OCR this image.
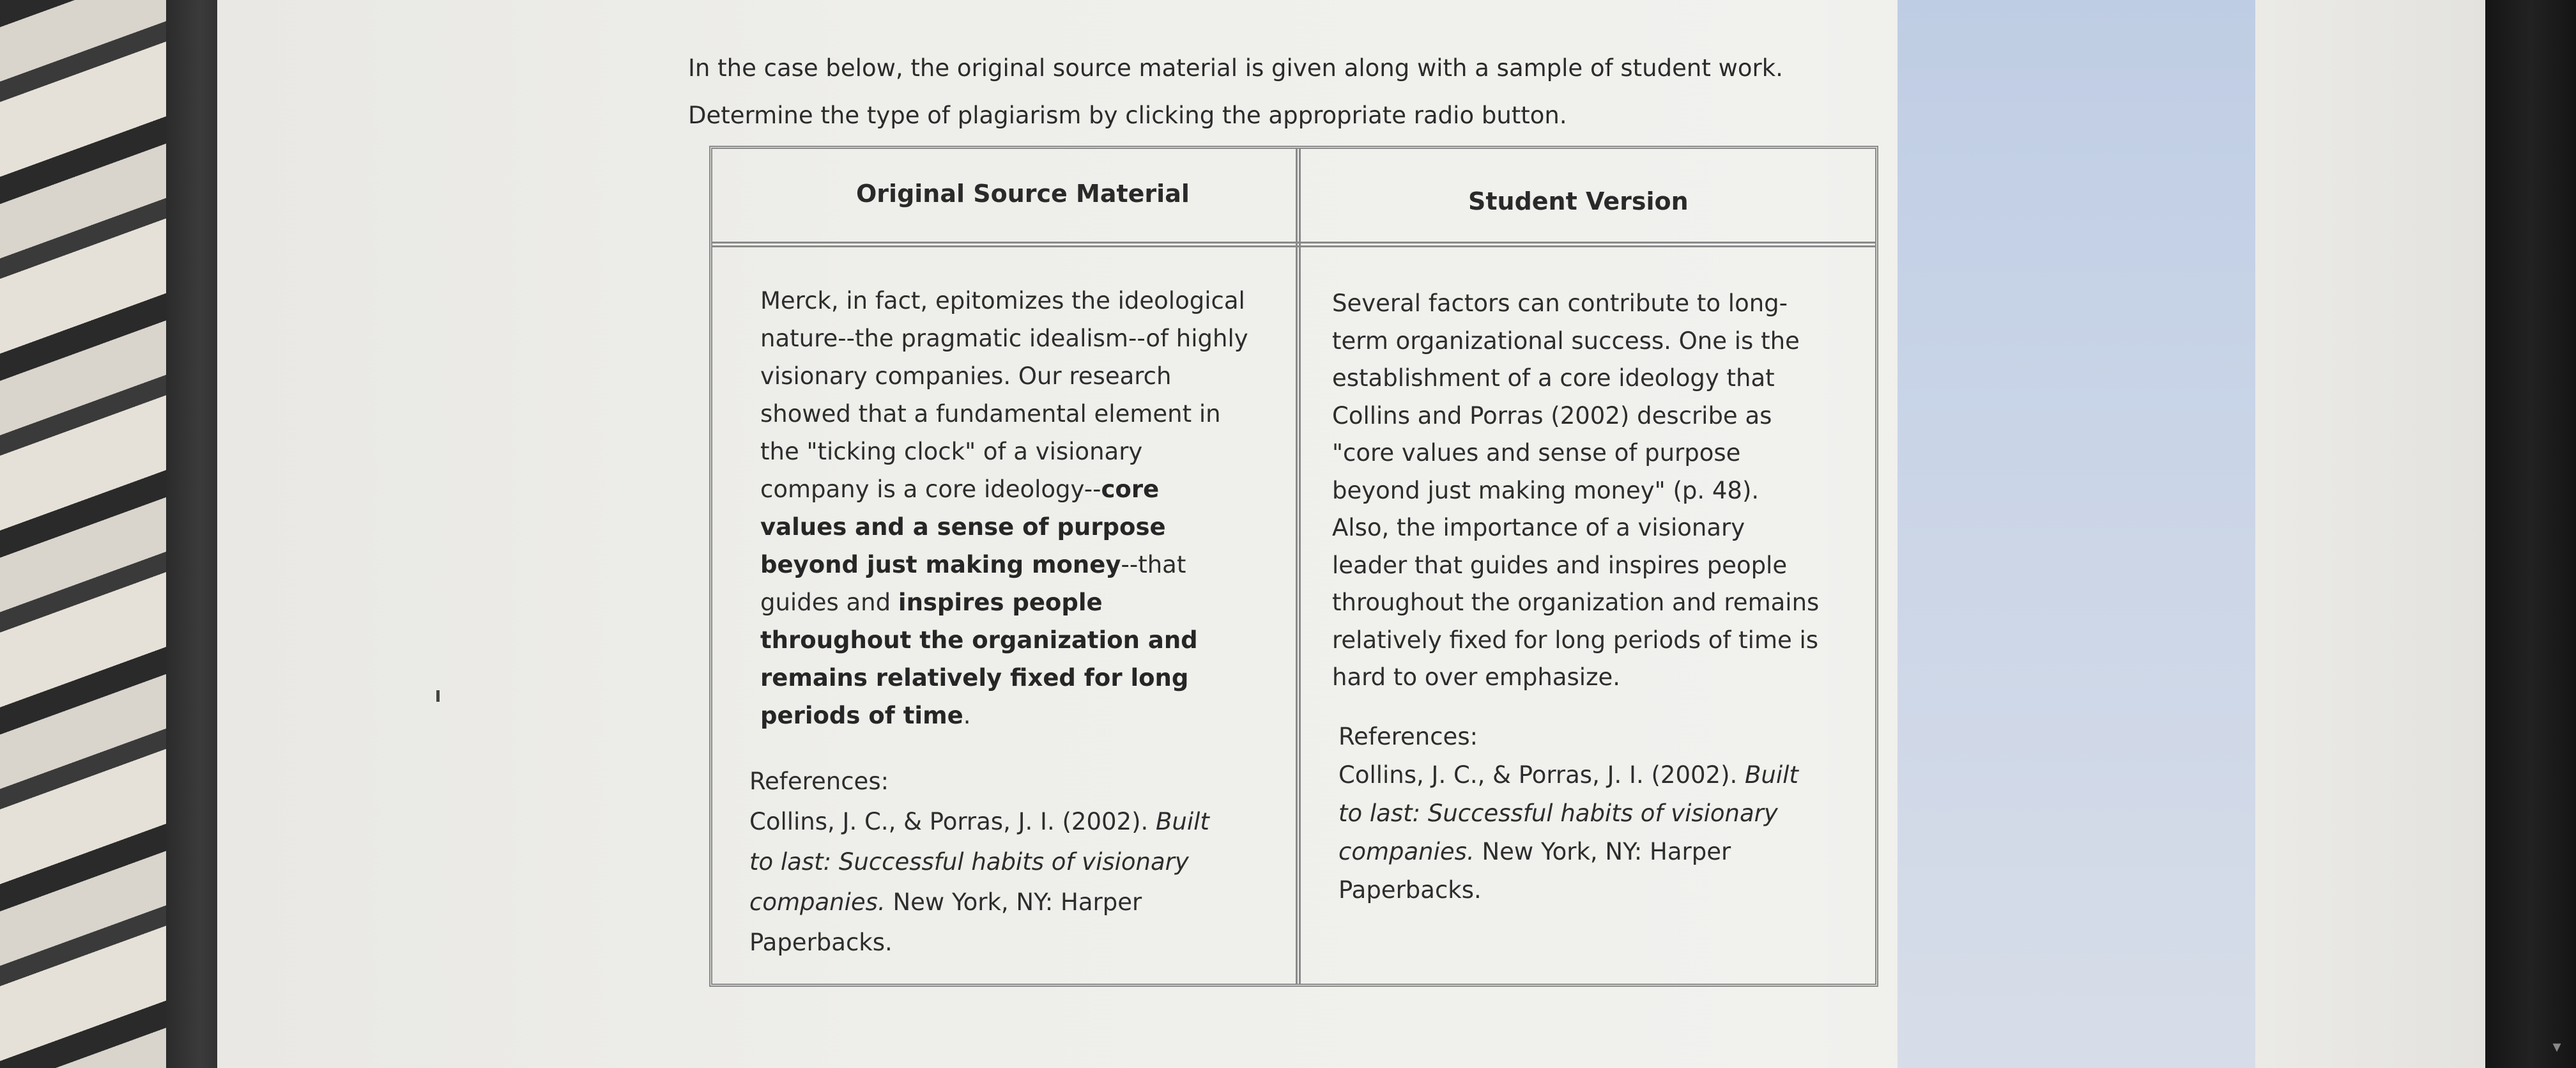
▾
In the case below, the original source material is given along with a sample of student work.
Determine the type of plagiarism by clicking the appropriate radio button.
Original Source Material	Student Version
Merck, in fact, epitomizes the ideological
nature--the pragmatic idealism--of highly
visionary companies. Our research
showed that a fundamental element in
the "ticking clock" of a visionary
company is a core ideology--core
values and a sense of purpose
beyond just making money--that
guides and inspires people
throughout the organization and
remains relatively fixed for long
periods of time.
References:
Collins, J. C., & Porras, J. I. (2002). Built
to last: Successful habits of visionary
companies. New York, NY: Harper
Paperbacks.
Several factors can contribute to long-
term organizational success. One is the
establishment of a core ideology that
Collins and Porras (2002) describe as
"core values and sense of purpose
beyond just making money" (p. 48).
Also, the importance of a visionary
leader that guides and inspires people
throughout the organization and remains
relatively fixed for long periods of time is
hard to over emphasize.
References:
Collins, J. C., & Porras, J. I. (2002). Built
to last: Successful habits of visionary
companies. New York, NY: Harper
Paperbacks.
